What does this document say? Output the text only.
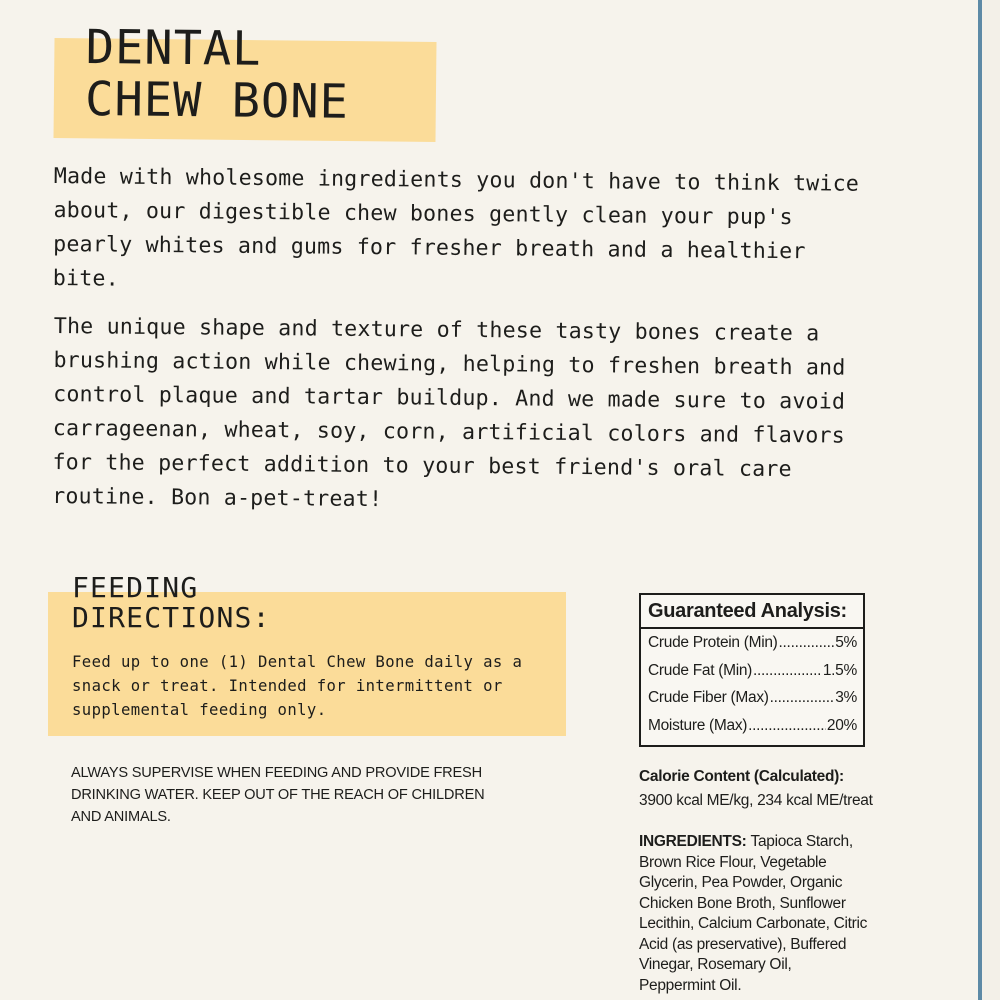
DENTAL
CHEW BONE

Made with wholesome ingredients you don't have to think twice about, our digestible chew bones gently clean your pup's pearly whites and gums for fresher breath and a healthier bite.

The unique shape and texture of these tasty bones create a brushing action while chewing, helping to freshen breath and control plaque and tartar buildup. And we made sure to avoid carrageenan, wheat, soy, corn, artificial colors and flavors for the perfect addition to your best friend's oral care routine. Bon a-pet-treat!

FEEDING
DIRECTIONS:

Feed up to one (1) Dental Chew Bone daily as a snack or treat. Intended for intermittent or supplemental feeding only.

ALWAYS SUPERVISE WHEN FEEDING AND PROVIDE FRESH DRINKING WATER. KEEP OUT OF THE REACH OF CHILDREN AND ANIMALS.

Guaranteed Analysis:
Crude Protein (Min) .....	5%
Crude Fat (Min) .....	1.5%
Crude Fiber (Max) .....	3%
Moisture (Max) .....	20%

Calorie Content (Calculated):
3900 kcal ME/kg, 234 kcal ME/treat

INGREDIENTS: Tapioca Starch, Brown Rice Flour, Vegetable Glycerin, Pea Powder, Organic Chicken Bone Broth, Sunflower Lecithin, Calcium Carbonate, Citric Acid (as preservative), Buffered Vinegar, Rosemary Oil, Peppermint Oil.
